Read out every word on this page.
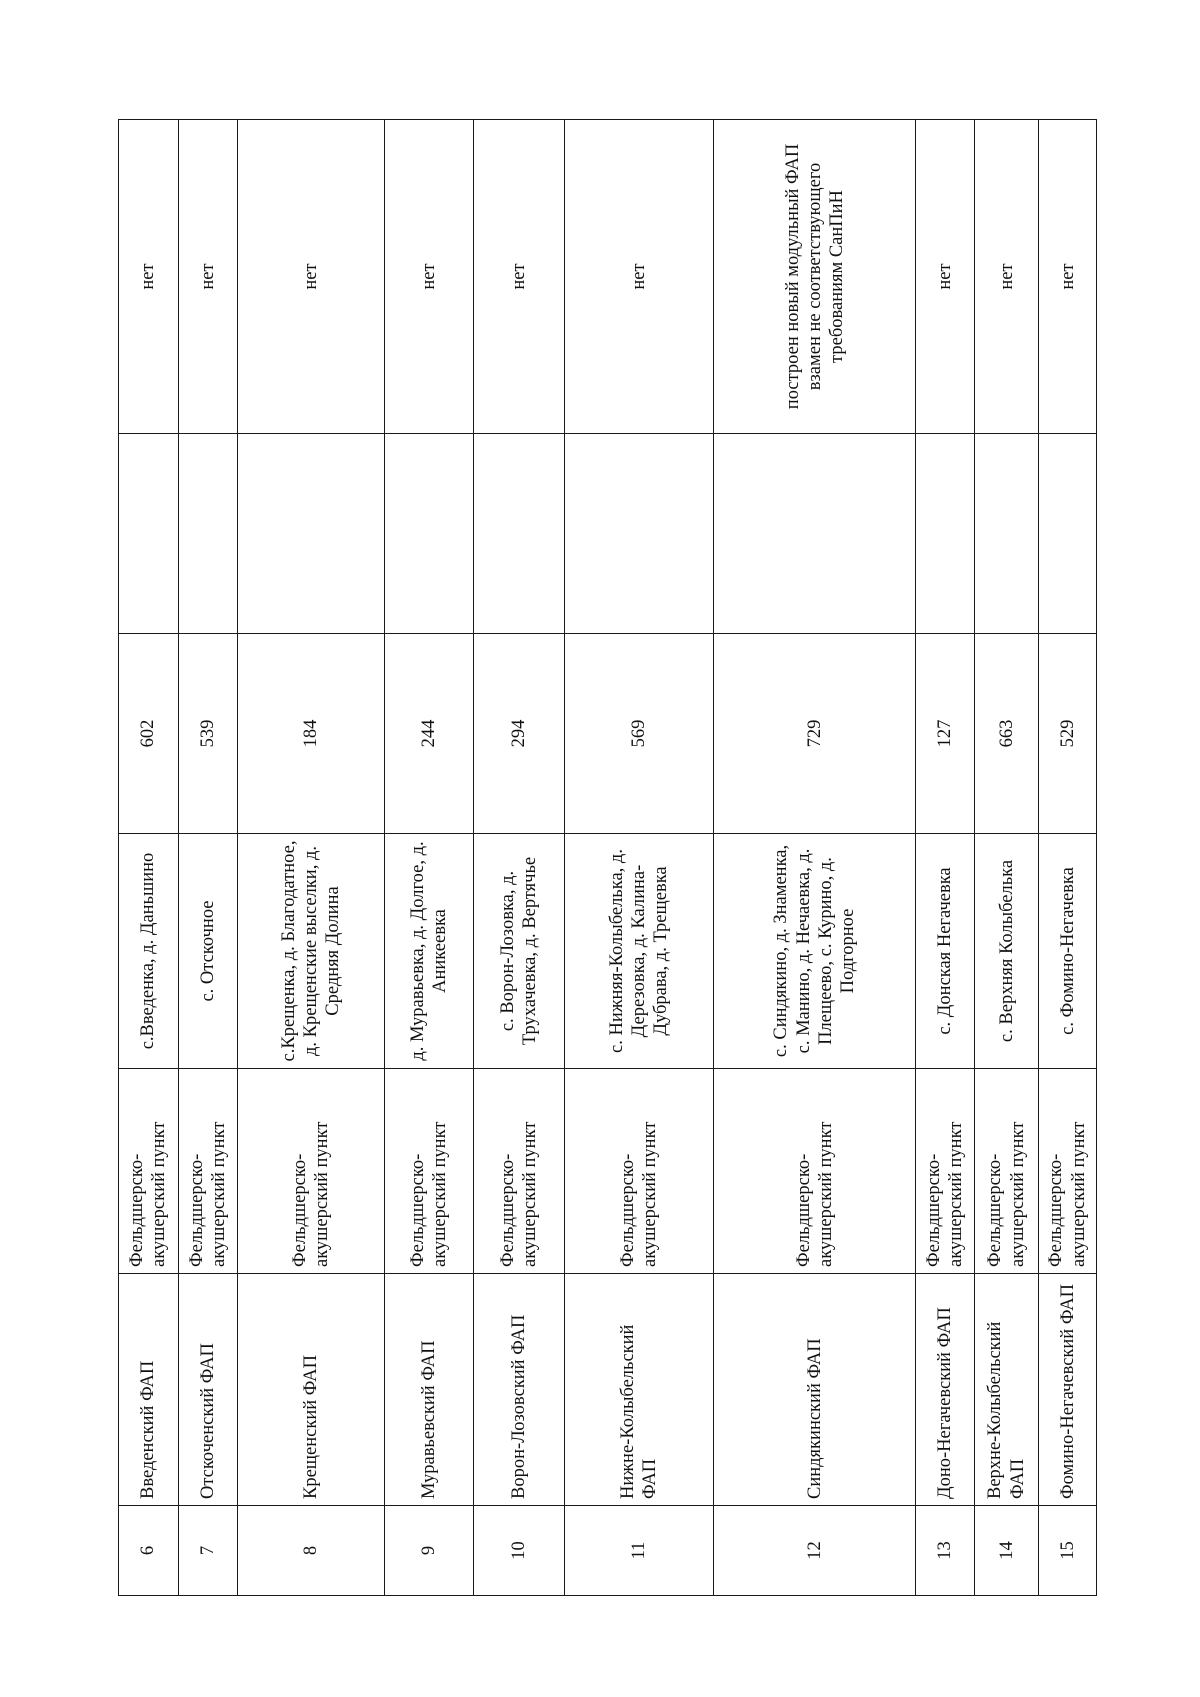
6	Введенский ФАП	Фельдшерско-акушерский пункт	с.Введенка, д. Даньшино	602		нет
7	Отскоченский ФАП	Фельдшерско-акушерский пункт	с. Отскочное	539		нет
8	Крещенский ФАП	Фельдшерско-акушерский пункт	с.Крещенка, д. Благодатное, д. Крещенские выселки, д. Средняя Долина	184		нет
9	Муравьевский ФАП	Фельдшерско-акушерский пункт	д. Муравьевка, д. Долгое, д. Аникеевка	244		нет
10	Ворон-Лозовский ФАП	Фельдшерско-акушерский пункт	с. Ворон-Лозовка, д. Трухачевка, д. Вертячье	294		нет
11	Нижне-Колыбельский ФАП	Фельдшерско-акушерский пункт	с. Нижняя-Колыбелька, д. Дерезовка, д. Калина-Дубрава, д. Трещевка	569		нет
12	Синдякинский ФАП	Фельдшерско-акушерский пункт	с. Синдякино, д. Знаменка, с. Манино, д. Нечаевка, д. Плещеево, с. Курино, д. Подгорное	729		построен новый модульный ФАП взамен не соответствующего требованиям СанПиН
13	Доно-Негачевский ФАП	Фельдшерско-акушерский пункт	с. Донская Негачевка	127		нет
14	Верхне-Колыбельский ФАП	Фельдшерско-акушерский пункт	с. Верхняя Колыбелька	663		нет
15	Фомино-Негачевский ФАП	Фельдшерско-акушерский пункт	с. Фомино-Негачевка	529		нет
